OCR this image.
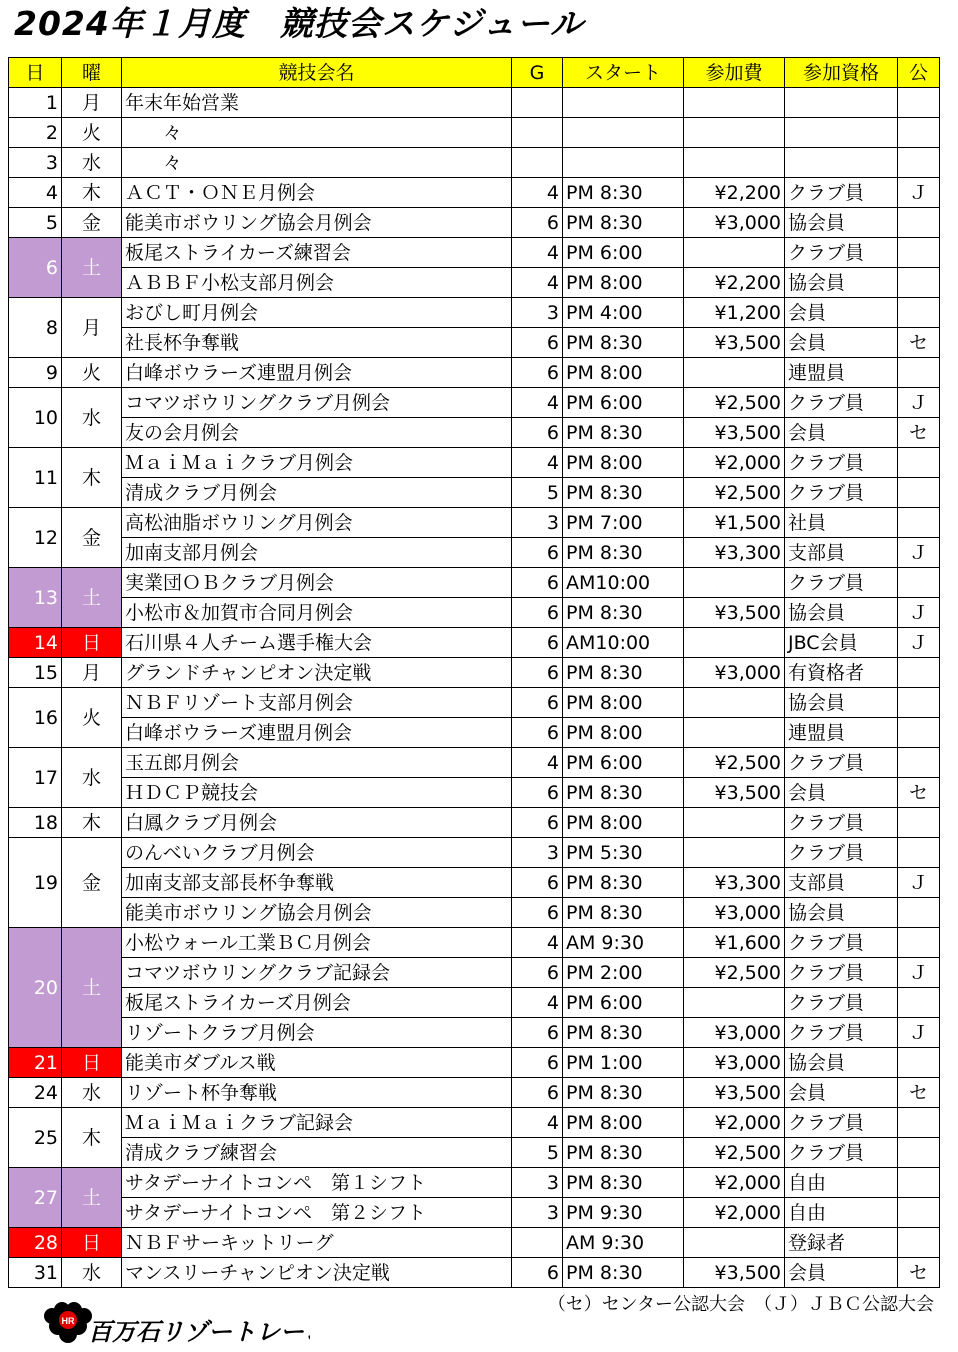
2024年１月度　競技会スケジュール
日	曜	競技会名	G	スタート	参加費	参加資格	公
1	月	年末年始営業					
2	火	　　々					
3	水	　　々					
4	木	ＡＣＴ・ＯＮＥ月例会	4	PM 8:30	¥2,200	クラブ員	Ｊ
5	金	能美市ボウリング協会月例会	6	PM 8:30	¥3,000	協会員	
6	土	板尾ストライカーズ練習会	4	PM 6:00		クラブ員	
		ＡＢＢＦ小松支部月例会	4	PM 8:00	¥2,200	協会員	
8	月	おびし町月例会	3	PM 4:00	¥1,200	会員	
		社長杯争奪戦	6	PM 8:30	¥3,500	会員	セ
9	火	白峰ボウラーズ連盟月例会	6	PM 8:00		連盟員	
10	水	コマツボウリングクラブ月例会	4	PM 6:00	¥2,500	クラブ員	Ｊ
		友の会月例会	6	PM 8:30	¥3,500	会員	セ
11	木	ＭａｉＭａｉクラブ月例会	4	PM 8:00	¥2,000	クラブ員	
		清成クラブ月例会	5	PM 8:30	¥2,500	クラブ員	
12	金	高松油脂ボウリング月例会	3	PM 7:00	¥1,500	社員	
		加南支部月例会	6	PM 8:30	¥3,300	支部員	Ｊ
13	土	実業団ＯＢクラブ月例会	6	AM10:00		クラブ員	
		小松市＆加賀市合同月例会	6	PM 8:30	¥3,500	協会員	Ｊ
14	日	石川県４人チーム選手権大会	6	AM10:00		JBC会員	Ｊ
15	月	グランドチャンピオン決定戦	6	PM 8:30	¥3,000	有資格者	
16	火	ＮＢＦリゾート支部月例会	6	PM 8:00		協会員	
		白峰ボウラーズ連盟月例会	6	PM 8:00		連盟員	
17	水	玉五郎月例会	4	PM 6:00	¥2,500	クラブ員	
		ＨＤＣＰ競技会	6	PM 8:30	¥3,500	会員	セ
18	木	白鳳クラブ月例会	6	PM 8:00		クラブ員	
19	金	のんべいクラブ月例会	3	PM 5:30		クラブ員	
		加南支部支部長杯争奪戦	6	PM 8:30	¥3,300	支部員	Ｊ
		能美市ボウリング協会月例会	6	PM 8:30	¥3,000	協会員	
20	土	小松ウォール工業ＢＣ月例会	4	AM 9:30	¥1,600	クラブ員	
		コマツボウリングクラブ記録会	6	PM 2:00	¥2,500	クラブ員	Ｊ
		板尾ストライカーズ月例会	4	PM 6:00		クラブ員	
		リゾートクラブ月例会	6	PM 8:30	¥3,000	クラブ員	Ｊ
21	日	能美市ダブルス戦	6	PM 1:00	¥3,000	協会員	
24	水	リゾート杯争奪戦	6	PM 8:30	¥3,500	会員	セ
25	木	ＭａｉＭａｉクラブ記録会	4	PM 8:00	¥2,000	クラブ員	
		清成クラブ練習会	5	PM 8:30	¥2,500	クラブ員	
27	土	サタデーナイトコンペ　第１シフト	3	PM 8:30	¥2,000	自由	
		サタデーナイトコンペ　第２シフト	3	PM 9:30	¥2,000	自由	
28	日	ＮＢＦサーキットリーグ		AM 9:30		登録者	
31	水	マンスリーチャンピオン決定戦	6	PM 8:30	¥3,500	会員	セ
HR 百万石リゾートレーン
（セ）センター公認大会　（Ｊ）ＪＢＣ公認大会
